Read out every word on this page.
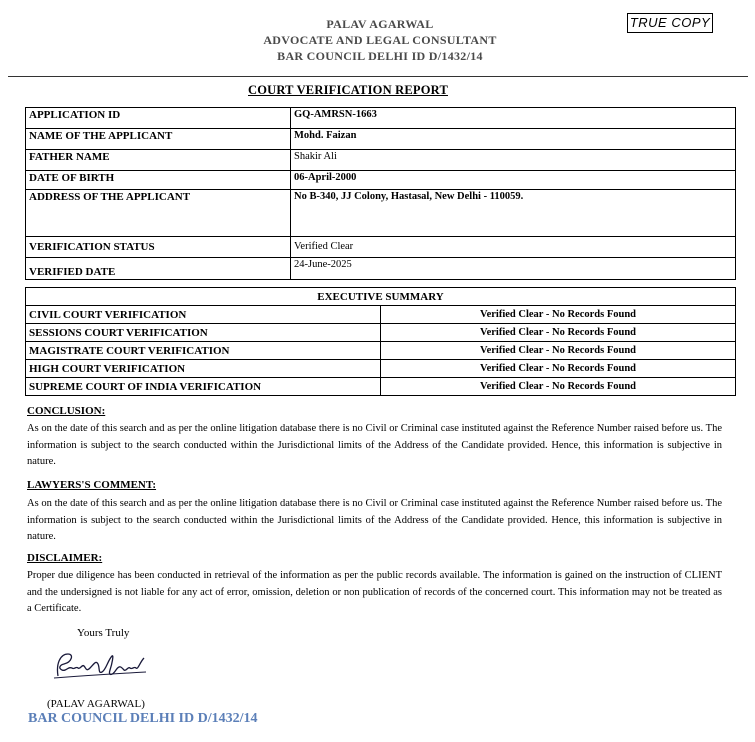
PALAV AGARWAL
ADVOCATE AND LEGAL CONSULTANT
BAR COUNCIL DELHI ID D/1432/14
TRUE COPY
COURT VERIFICATION REPORT
APPLICATION ID	GQ-AMRSN-1663
NAME OF THE APPLICANT	Mohd. Faizan
FATHER NAME	Shakir Ali
DATE OF BIRTH	06-April-2000
ADDRESS OF THE APPLICANT	No B-340, JJ Colony, Hastasal, New Delhi - 110059.
VERIFICATION STATUS	Verified Clear
VERIFIED DATE	24-June-2025
EXECUTIVE SUMMARY	
CIVIL COURT VERIFICATION	Verified Clear - No Records Found
SESSIONS COURT VERIFICATION	Verified Clear - No Records Found
MAGISTRATE COURT VERIFICATION	Verified Clear - No Records Found
HIGH COURT VERIFICATION	Verified Clear - No Records Found
SUPREME COURT OF INDIA VERIFICATION	Verified Clear - No Records Found
CONCLUSION:
As on the date of this search and as per the online litigation database there is no Civil or Criminal case instituted against the Reference Number raised before us. The information is subject to the search conducted within the Jurisdictional limits of the Address of the Candidate provided. Hence, this information is subjective in nature.
LAWYERS'S COMMENT:
As on the date of this search and as per the online litigation database there is no Civil or Criminal case instituted against the Reference Number raised before us. The information is subject to the search conducted within the Jurisdictional limits of the Address of the Candidate provided. Hence, this information is subjective in nature.
DISCLAIMER:
Proper due diligence has been conducted in retrieval of the information as per the public records available. The information is gained on the instruction of CLIENT and the undersigned is not liable for any act of error, omission, deletion or non publication of records of the concerned court. This information may not be treated as a Certificate.
Yours Truly
(PALAV AGARWAL)
BAR COUNCIL DELHI ID D/1432/14
